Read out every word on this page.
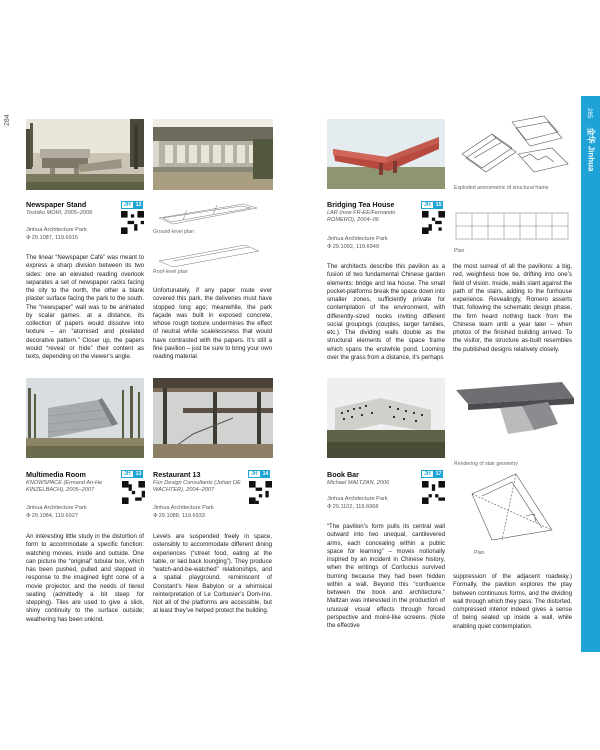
284
285
金华 Jinhua
Ground-level plan
Roof-level plan
Exploded axonometric of structural frame
Plan
Newspaper Stand	JH 12
Toshiko MORI, 2005–2006
Jinhua Architecture Park
✣29.1087, 119.6915
The linear “Newspaper Café” was meant to express a sharp division between its two sides: one an elevated reading overlook separates a set of newspaper racks facing the city to the north, the other a blank plaster surface facing the park to the south. The “newspaper” wall was to be animated by scalar games: at a distance, its collection of papers would dissolve into texture – an “atomised and pixelated decorative pattern.” Closer up, the papers would “reveal or hide” their content as texts, depending on the viewer’s angle.
Unfortunately, if any paper route ever covered this park, the deliveries must have stopped long ago; meanwhile, the park façade was built in exposed concrete, whose rough texture undermines the effect of neutral white scalelessness that would have contrasted with the papers. It’s still a fine pavilion – just be sure to bring your own reading material.
Bridging Tea House	JH 15
LAR (now FR-EE/Fernando ROMERO), 2004–06
Jinhua Architecture Park
✣29.1092, 119.6949
The architects describe this pavilion as a fusion of two fundamental Chinese garden elements: bridge and tea house. The small pocket-platforms break the space down into smaller zones, sufficiently private for contemplation of the environment, with differently-sized nooks inviting different social groupings (couples, larger families, etc.). The dividing walls double as the structural elements of the space frame which spans the erstwhile pond. Looming over the grass from a distance, it’s perhaps
the most surreal of all the pavilions: a big, red, weightless bow tie, drifting into one’s field of vision. Inside, walls slant against the path of the stairs, adding to the funhouse experience. Revealingly, Romero asserts that, following the schematic design phase, the firm heard nothing back from the Chinese team until a year later – when photos of the finished building arrived. To the visitor, the structure as-built resembles the published designs relatively closely.
Rendering of stair geometry
Plan
Multimedia Room	JH 13
KNOWSPACE (Ermand An-He KINZELBACH), 2005–2007
Jinhua Architecture Park
✣29.1084, 119.6927
An interesting little study in the distortion of form to accommodate a specific function: watching movies, inside and outside. One can picture the “original” tubular box, which has been pushed, pulled and stepped in response to the imagined light cone of a movie projector, and the needs of tiered seating (admittedly a bit steep for stepping). Tiles are used to give a slick, shiny continuity to the surface outside; weathering has been unkind.
Restaurant 13	JH 14
Fün Design Consultants (Johan DE WACHTER), 2004–2007
Jinhua Architecture Park
✣29.1088, 119.6933
Levels are suspended freely in space, ostensibly to accommodate different dining experiences (“street food, eating at the table, or laid back lounging”). They produce “watch-and-be-watched” relationships, and a spatial playground, reminiscent of Constant’s New Babylon or a whimsical reinterpretation of Le Corbusier’s Dom-Ino. Not all of the platforms are accessible, but at least they’ve helped protect the building.
Book Bar	JH 17
Michael MALTZAN, 2006
Jinhua Architecture Park
✣29.1102, 119.6968
“The pavilion’s form pulls its central wall outward into two unequal, cantilevered arms, each concealing within a public space for learning” – moves notionally inspired by an incident in Chinese history, when the writings of Confucius survived burning because they had been hidden within a wall. Beyond this “confluence between the book and architecture,” Maltzan was interested in the production of unusual visual effects through forced perspective and moiré-like screens. (Note the effective
suppression of the adjacent roadway.) Formally, the pavilion explores the play between continuous forms, and the dividing wall through which they pass. The distorted, compressed interior indeed gives a sense of being sealed up inside a wall, while enabling quiet contemplation.
